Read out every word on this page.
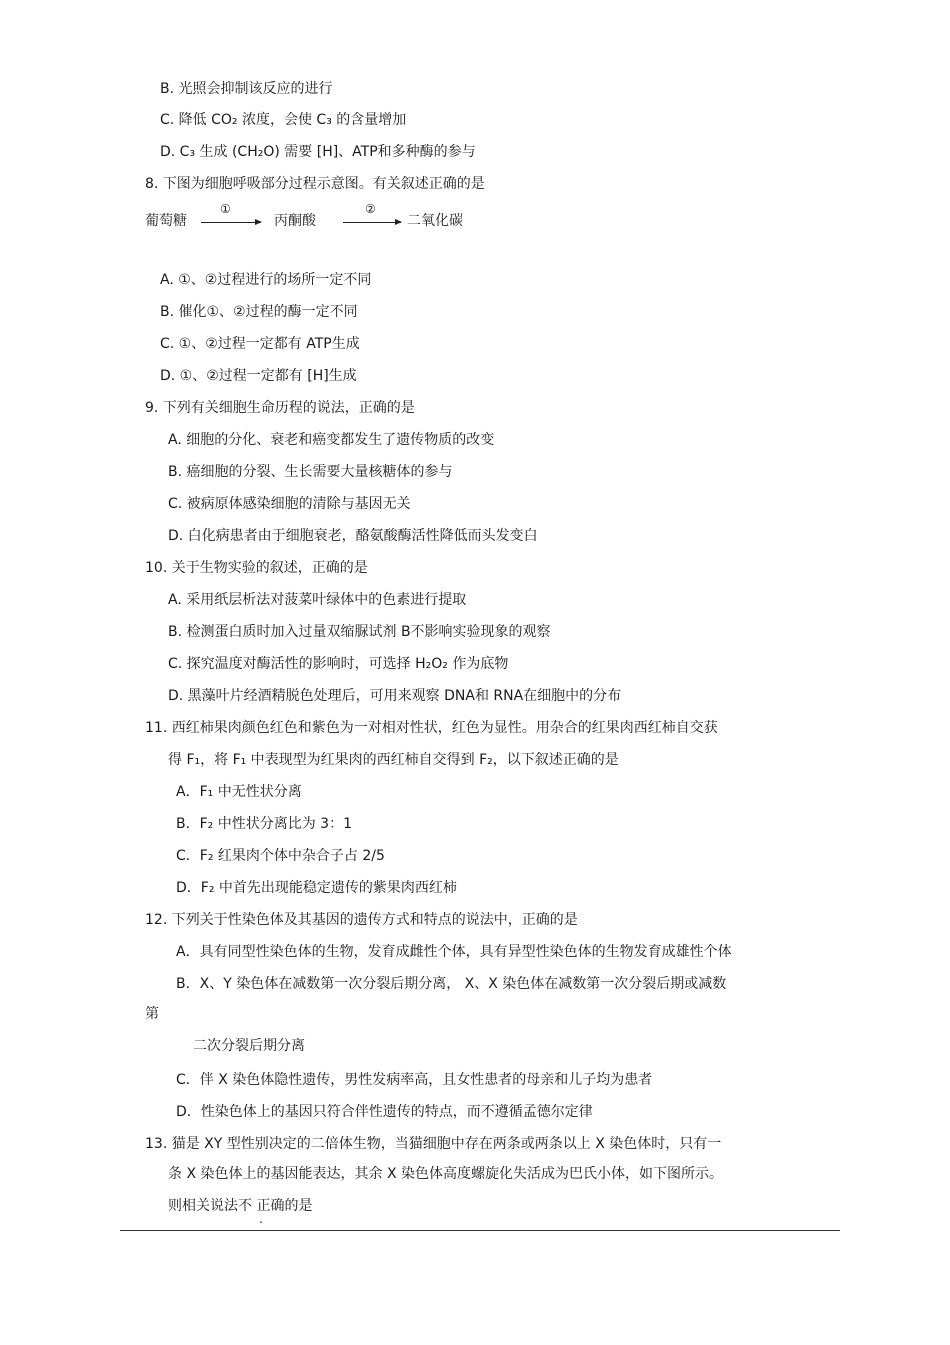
B. 光照会抑制该反应的进行
C. 降低 CO₂ 浓度，会使 C₃ 的含量增加
D. C₃ 生成 (CH₂O) 需要 [H]、ATP和多种酶的参与
8. 下图为细胞呼吸部分过程示意图。有关叙述正确的是
A. ①、②过程进行的场所一定不同
B. 催化①、②过程的酶一定不同
C. ①、②过程一定都有 ATP生成
D. ①、②过程一定都有 [H]生成
9. 下列有关细胞生命历程的说法，正确的是
A. 细胞的分化、衰老和癌变都发生了遗传物质的改变
B. 癌细胞的分裂、生长需要大量核糖体的参与
C. 被病原体感染细胞的清除与基因无关
D. 白化病患者由于细胞衰老，酪氨酸酶活性降低而头发变白
10. 关于生物实验的叙述，正确的是
A. 采用纸层析法对菠菜叶绿体中的色素进行提取
B. 检测蛋白质时加入过量双缩脲试剂 B不影响实验现象的观察
C. 探究温度对酶活性的影响时，可选择 H₂O₂ 作为底物
D. 黑藻叶片经酒精脱色处理后，可用来观察 DNA和 RNA在细胞中的分布
11. 西红柿果肉颜色红色和紫色为一对相对性状，红色为显性。用杂合的红果肉西红柿自交获
得 F₁，将 F₁ 中表现型为红果肉的西红柿自交得到 F₂，以下叙述正确的是
A．F₁ 中无性状分离
B．F₂ 中性状分离比为 3：1
C．F₂ 红果肉个体中杂合子占 2/5
D．F₂ 中首先出现能稳定遗传的紫果肉西红柿
12. 下列关于性染色体及其基因的遗传方式和特点的说法中，正确的是
A．具有同型性染色体的生物，发育成雌性个体，具有异型性染色体的生物发育成雄性个体
B．X、Y 染色体在减数第一次分裂后期分离， X、X 染色体在减数第一次分裂后期或减数
第
二次分裂后期分离
C．伴 X 染色体隐性遗传，男性发病率高，且女性患者的母亲和儿子均为患者
D．性染色体上的基因只符合伴性遗传的特点，而不遵循孟德尔定律
13. 猫是 XY 型性别决定的二倍体生物，当猫细胞中存在两条或两条以上 X 染色体时，只有一
条 X 染色体上的基因能表达，其余 X 染色体高度螺旋化失活成为巴氏小体，如下图所示。
则相关说法不 正确的是
葡萄糖
①
丙酮酸
②
二氧化碳
.
